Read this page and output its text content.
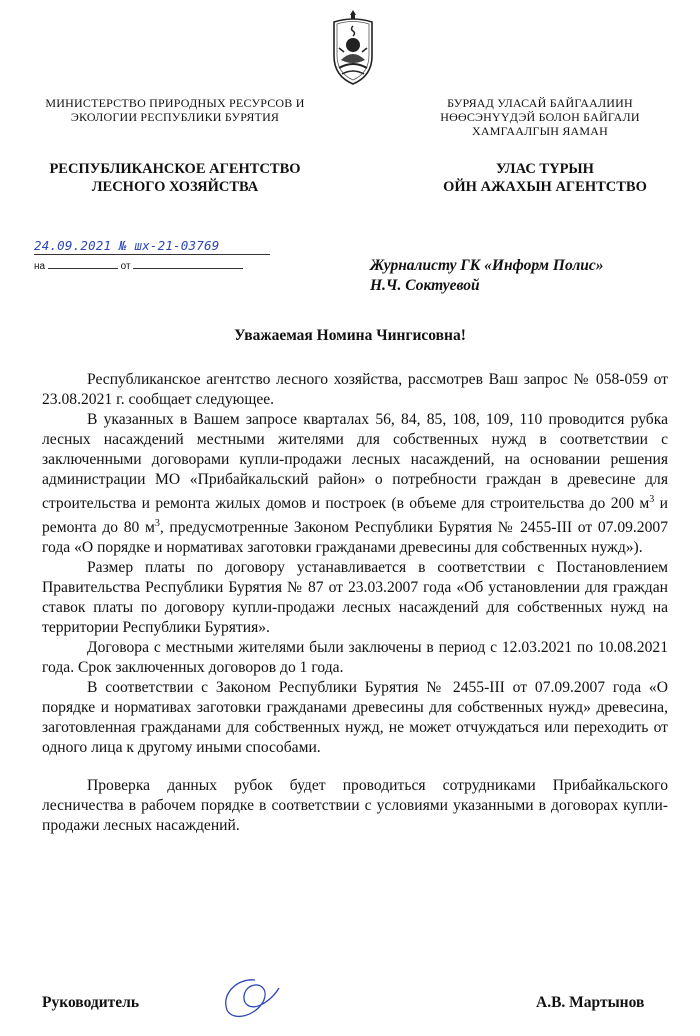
МИНИСТЕРСТВО ПРИРОДНЫХ РЕСУРСОВ И
ЭКОЛОГИИ РЕСПУБЛИКИ БУРЯТИЯ
РЕСПУБЛИКАНСКОЕ АГЕНТСТВО
ЛЕСНОГО ХОЗЯЙСТВА
БУРЯАД УЛАСАЙ БАЙГААЛИИН
НӨӨСЭНҮҮДЭЙ БОЛОН БАЙГАЛИ
ХАМГААЛГЫН ЯАМАН
УЛАС ТҮРЫН
ОЙН АЖАХЫН АГЕНТСТВО
24.09.2021 № шх-21-03769
на	от	Журналисту ГК «Информ Полис»
Н.Ч. Соктуевой
Уважаемая Номина Чингисовна!

Республиканское агентство лесного хозяйства, рассмотрев Ваш запрос № 058-059 от 23.08.2021 г. сообщает следующее.

В указанных в Вашем запросе кварталах 56, 84, 85, 108, 109, 110 проводится рубка лесных насаждений местными жителями для собственных нужд в соответствии с заключенными договорами купли-продажи лесных насаждений, на основании решения администрации МО «Прибайкальский район» о потребности граждан в древесине для строительства и ремонта жилых домов и построек (в объеме для строительства до 200 $м^3$ и ремонта до 80 $м^3$, предусмотренные Законом Республики Бурятия № 2455-III от 07.09.2007 года «О порядке и нормативах заготовки гражданами древесины для собственных нужд»).

Размер платы по договору устанавливается в соответствии с Постановлением Правительства Республики Бурятия № 87 от 23.03.2007 года «Об установлении для граждан ставок платы по договору купли-продажи лесных насаждений для собственных нужд на территории Республики Бурятия».

Договора с местными жителями были заключены в период с 12.03.2021 по 10.08.2021 года. Срок заключенных договоров до 1 года.

В соответствии с Законом Республики Бурятия № 2455-III от 07.09.2007 года «О порядке и нормативах заготовки гражданами древесины для собственных нужд» древесина, заготовленная гражданами для собственных нужд, не может отчуждаться или переходить от одного лица к другому иными способами.

Проверка данных рубок будет проводиться сотрудниками Прибайкальского лесничества в рабочем порядке в соответствии с условиями указанными в договорах купли-продажи лесных насаждений.

Руководитель	А.В. Мартынов
